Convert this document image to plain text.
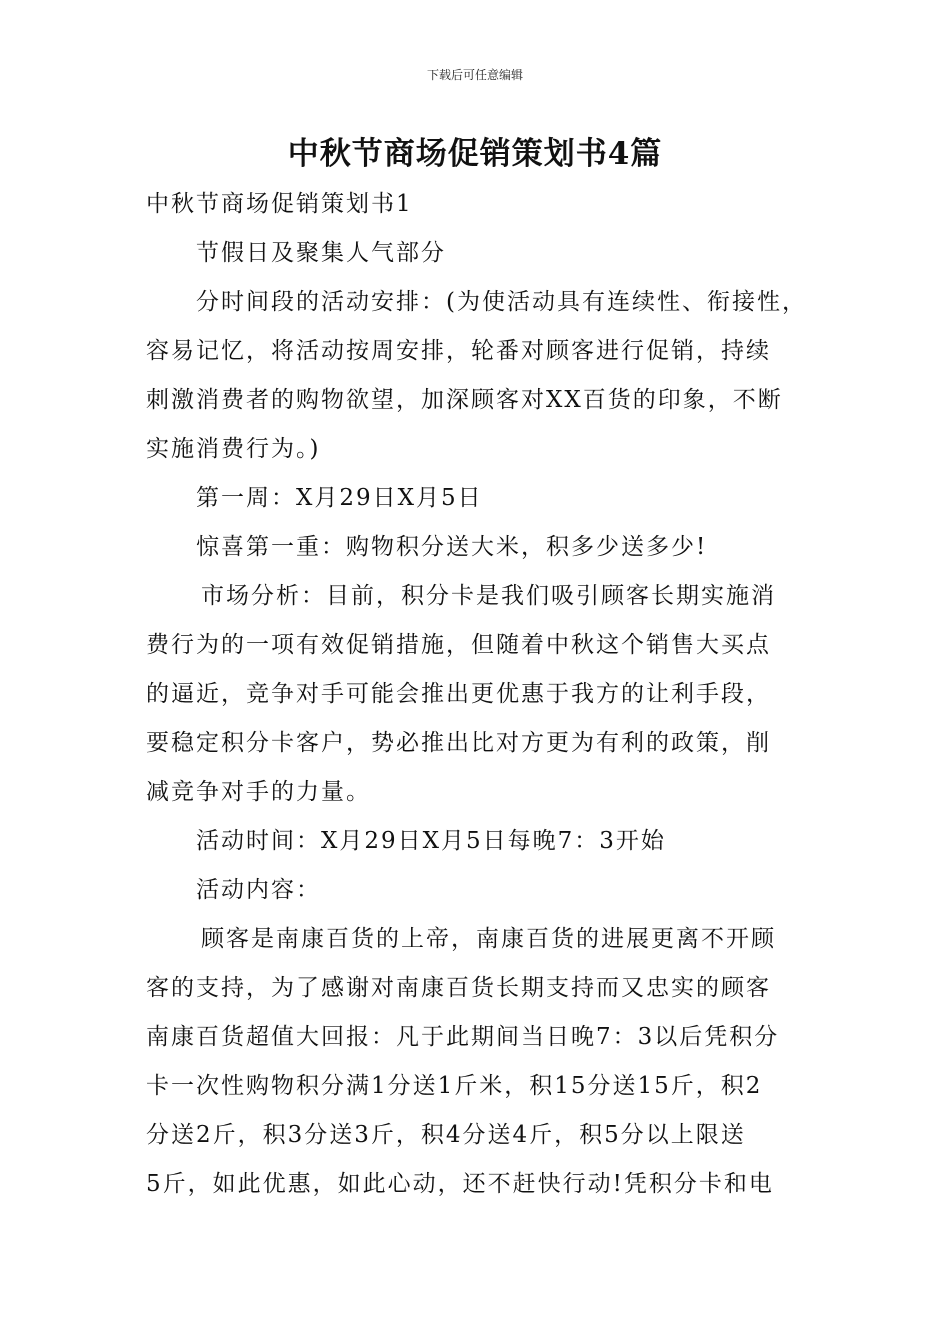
下载后可任意编辑
中秋节商场促销策划书4篇
中秋节商场促销策划书1
节假日及聚集人气部分
分时间段的活动安排：(为使活动具有连续性、衔接性，
容易记忆，将活动按周安排，轮番对顾客进行促销，持续
刺激消费者的购物欲望，加深顾客对XX百货的印象，不断
实施消费行为。)
第一周：X月29日X月5日
惊喜第一重：购物积分送大米，积多少送多少!
市场分析：目前，积分卡是我们吸引顾客长期实施消
费行为的一项有效促销措施，但随着中秋这个销售大买点
的逼近，竞争对手可能会推出更优惠于我方的让利手段，
要稳定积分卡客户，势必推出比对方更为有利的政策，削
减竞争对手的力量。
活动时间：X月29日X月5日每晚7：3开始
活动内容：
顾客是南康百货的上帝，南康百货的进展更离不开顾
客的支持，为了感谢对南康百货长期支持而又忠实的顾客
南康百货超值大回报：凡于此期间当日晚7：3以后凭积分
卡一次性购物积分满1分送1斤米，积15分送15斤，积2
分送2斤，积3分送3斤，积4分送4斤，积5分以上限送
5斤，如此优惠，如此心动，还不赶快行动!凭积分卡和电
